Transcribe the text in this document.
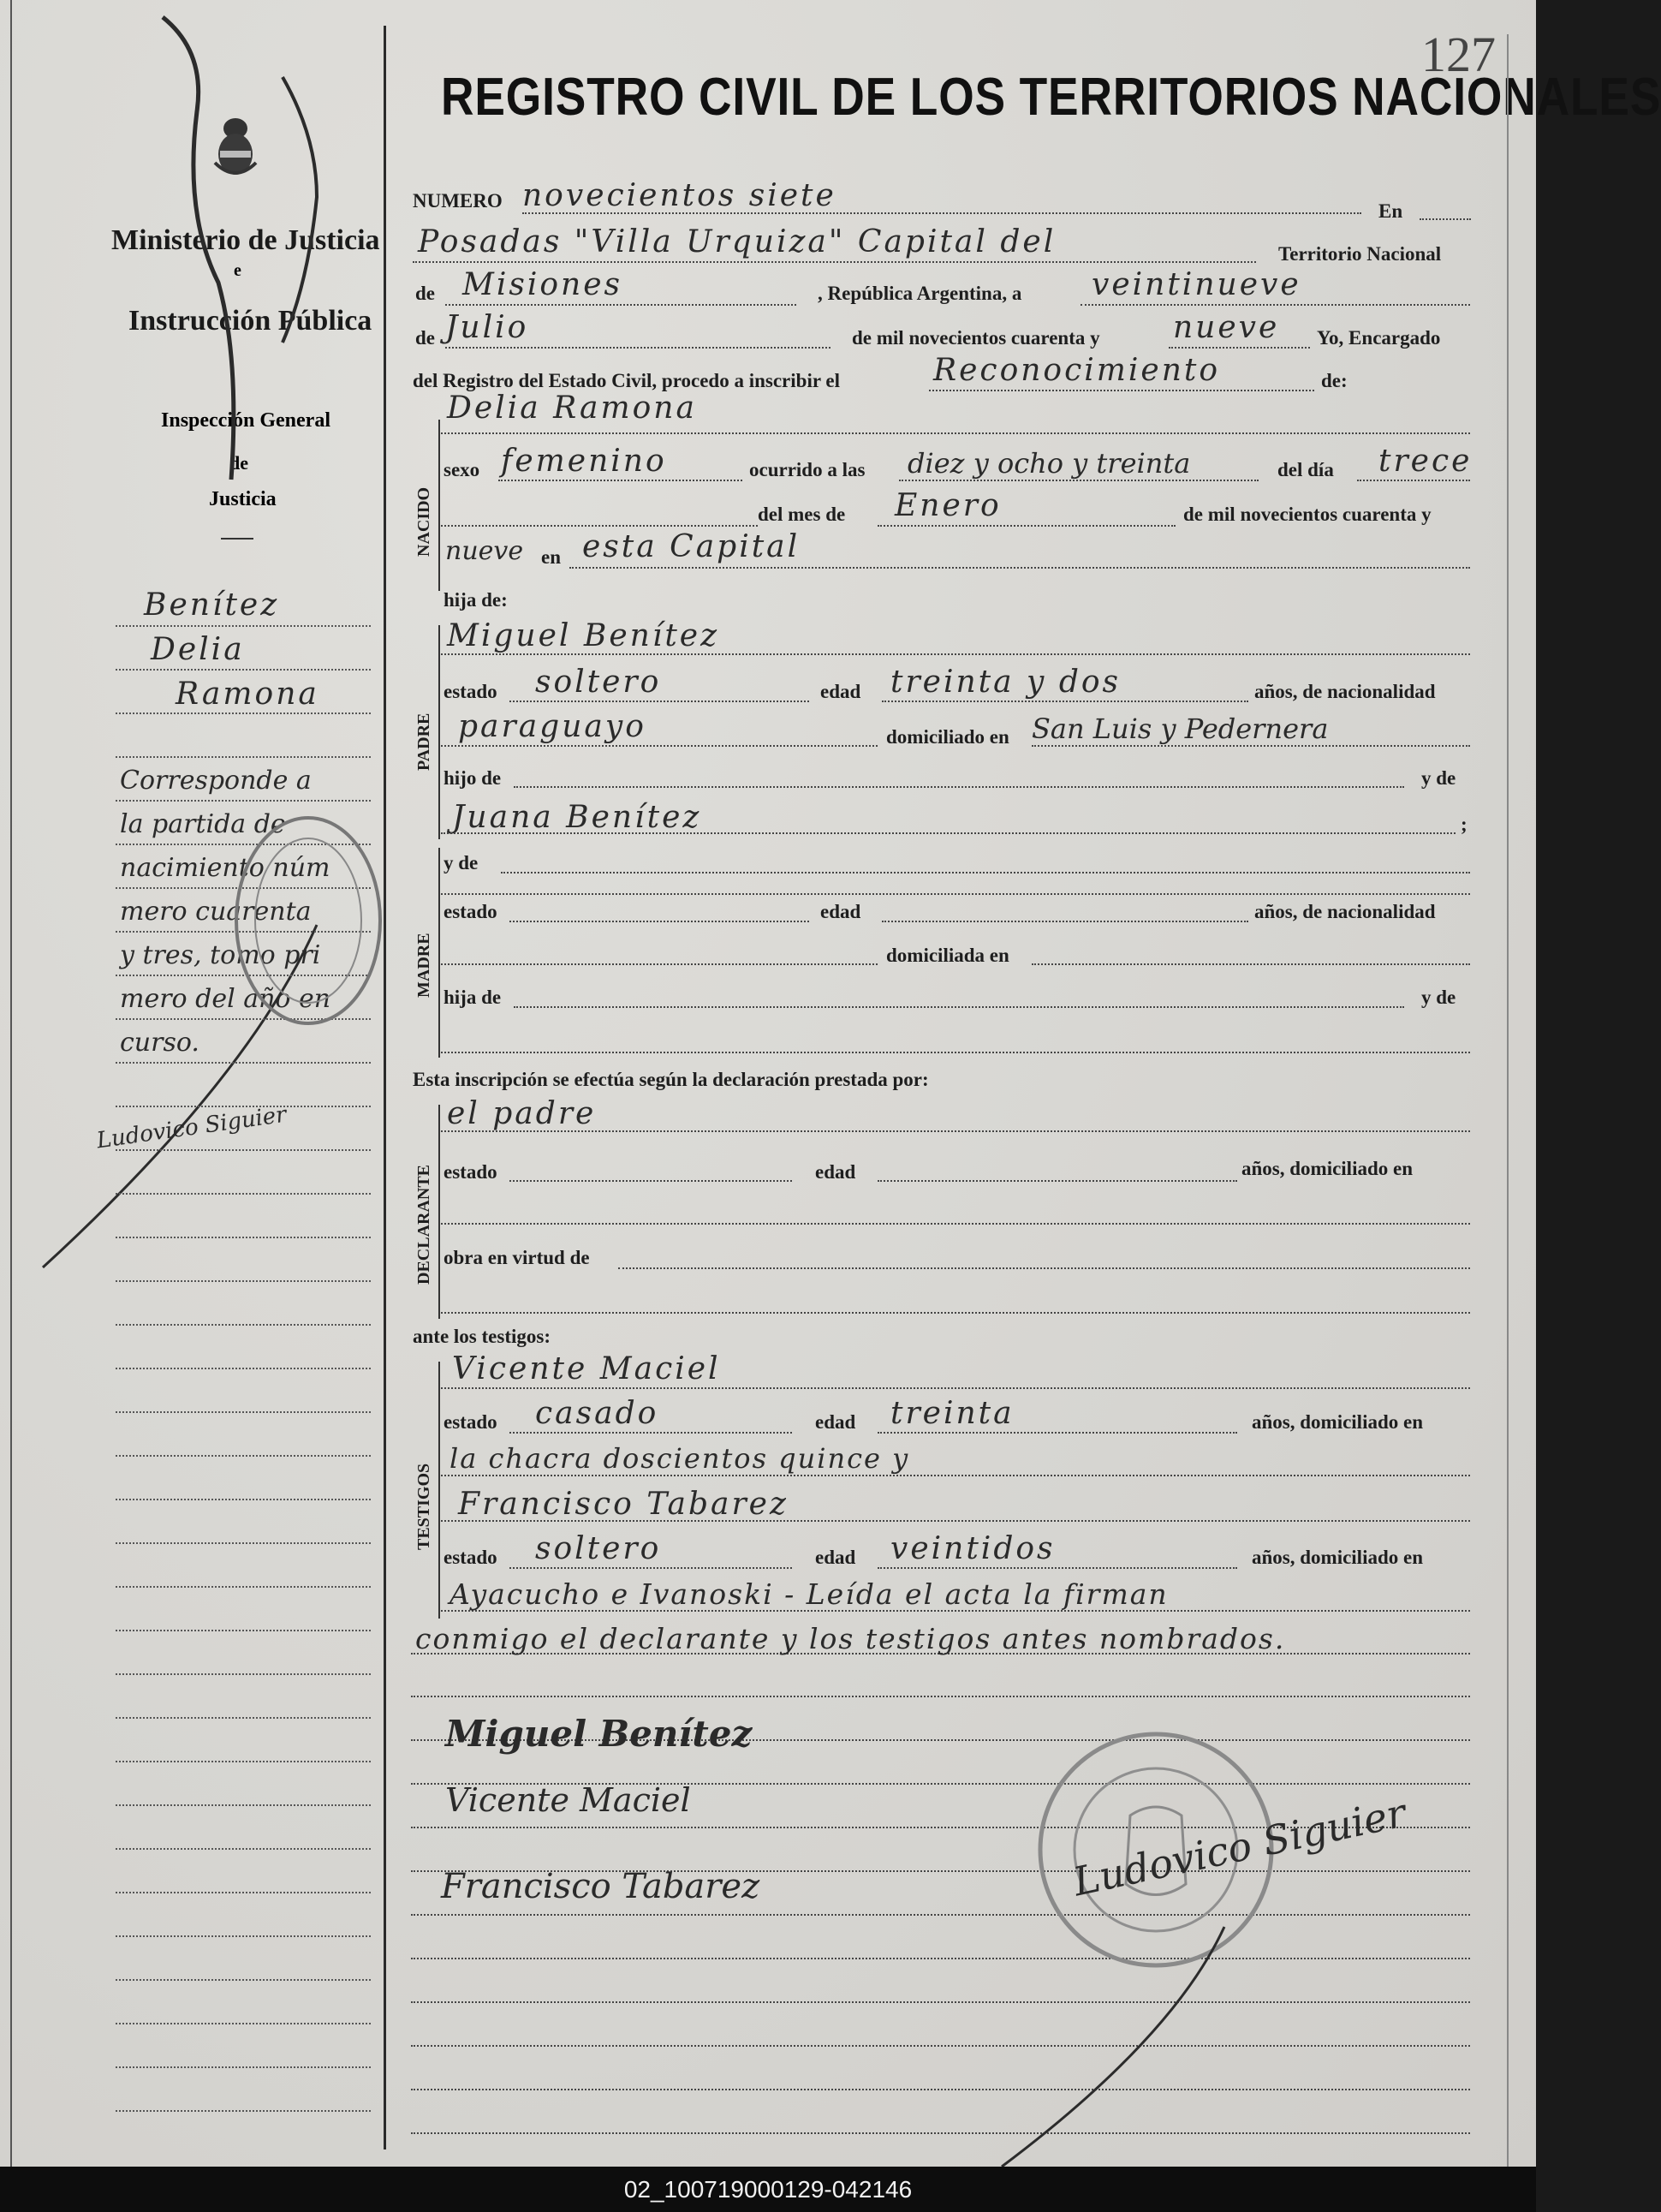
127
REGISTRO CIVIL DE LOS TERRITORIOS NACIONALES
Ministerio de Justicia
e
Instrucción Pública
Inspección General
de
Justicia
Benítez
Delia
Ramona
Corresponde a
la partida de
nacimiento núm
mero cuarenta
y tres, tomo pri
mero del año en
curso.
Ludovico Siguier
NUMERO novecientos siete	En
Posadas "Villa Urquiza" Capital del	Territorio Nacional
de Misiones	, República Argentina, a veintinueve
de Julio	de mil novecientos cuarenta y nueve Yo, Encargado
del Registro del Estado Civil, procedo a inscribir el	Reconocimiento	de:
NACIDO
Delia Ramona
sexo femenino	ocurrido a las diez y ocho y treinta	del día trece
del mes de Enero	de mil novecientos cuarenta y
nueve en esta Capital
hija de:
PADRE
Miguel Benítez
estado soltero	edad treinta y dos	años, de nacionalidad
paraguayo	domiciliado en San Luis y Pedernera
hijo de	y de
Juana Benítez	;
MADRE
y de
estado	edad	años, de nacionalidad
domiciliada en
hija de	y de
Esta inscripción se efectúa según la declaración prestada por:
DECLARANTE
el padre
estado	edad	años, domiciliado en
obra en virtud de
ante los testigos:
TESTIGOS
Vicente Maciel
estado casado	edad treinta	años, domiciliado en
la chacra doscientos quince y
Francisco Tabarez
estado soltero	edad veintidos	años, domiciliado en
Ayacucho e Ivanoski - Leída el acta la firman
conmigo el declarante y los testigos antes nombrados.
Miguel Benítez
Vicente Maciel
Francisco Tabarez	Ludovico Siguier
02_100719000129-042146
